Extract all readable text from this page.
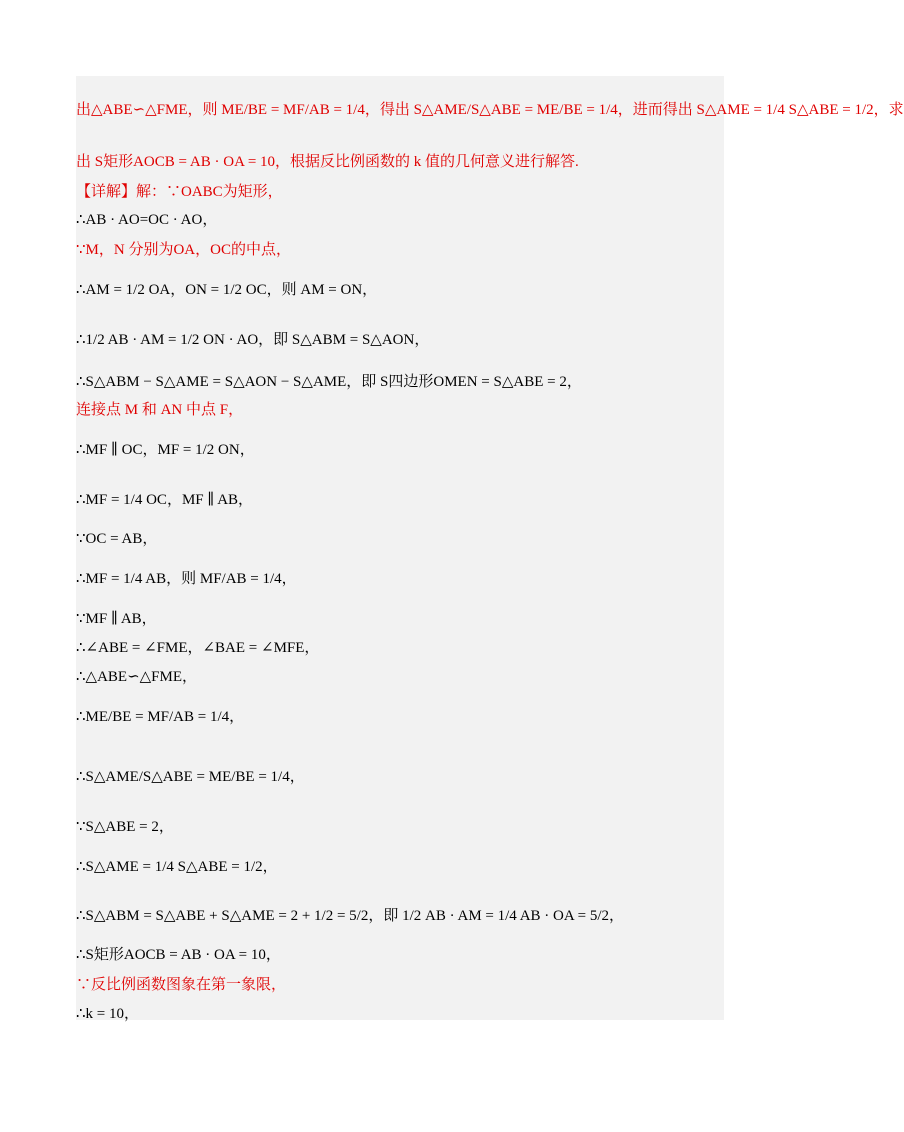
出△ABE∽△FME，则 ME/BE = MF/AB = 1/4，得出 S△AME/S△ABE = ME/BE = 1/4，进而得出 S△AME = 1/4 S△ABE = 1/2，求
出 S矩形AOCB = AB · OA = 10，根据反比例函数的 k 值的几何意义进行解答.
【详解】解：∵OABC为矩形，
∴AB · AO=OC · AO，
∵M，N 分别为OA，OC的中点，
∴AM = 1/2 OA，ON = 1/2 OC，则 AM = ON，
∴1/2 AB · AM = 1/2 ON · AO，即 S△ABM = S△AON，
∴S△ABM − S△AME = S△AON − S△AME，即 S四边形OMEN = S△ABE = 2，
连接点 M 和 AN 中点 F，
∴MF ∥ OC，MF = 1/2 ON，
∴MF = 1/4 OC，MF ∥ AB，
∵OC = AB，
∴MF = 1/4 AB，则 MF/AB = 1/4，
∵MF ∥ AB，
∴∠ABE = ∠FME，∠BAE = ∠MFE，
∴△ABE∽△FME，
∴ME/BE = MF/AB = 1/4，
∴S△AME/S△ABE = ME/BE = 1/4，
∵S△ABE = 2，
∴S△AME = 1/4 S△ABE = 1/2，
∴S△ABM = S△ABE + S△AME = 2 + 1/2 = 5/2，即 1/2 AB · AM = 1/4 AB · OA = 5/2，
∴S矩形AOCB = AB · OA = 10，
∵反比例函数图象在第一象限，
∴k = 10，
